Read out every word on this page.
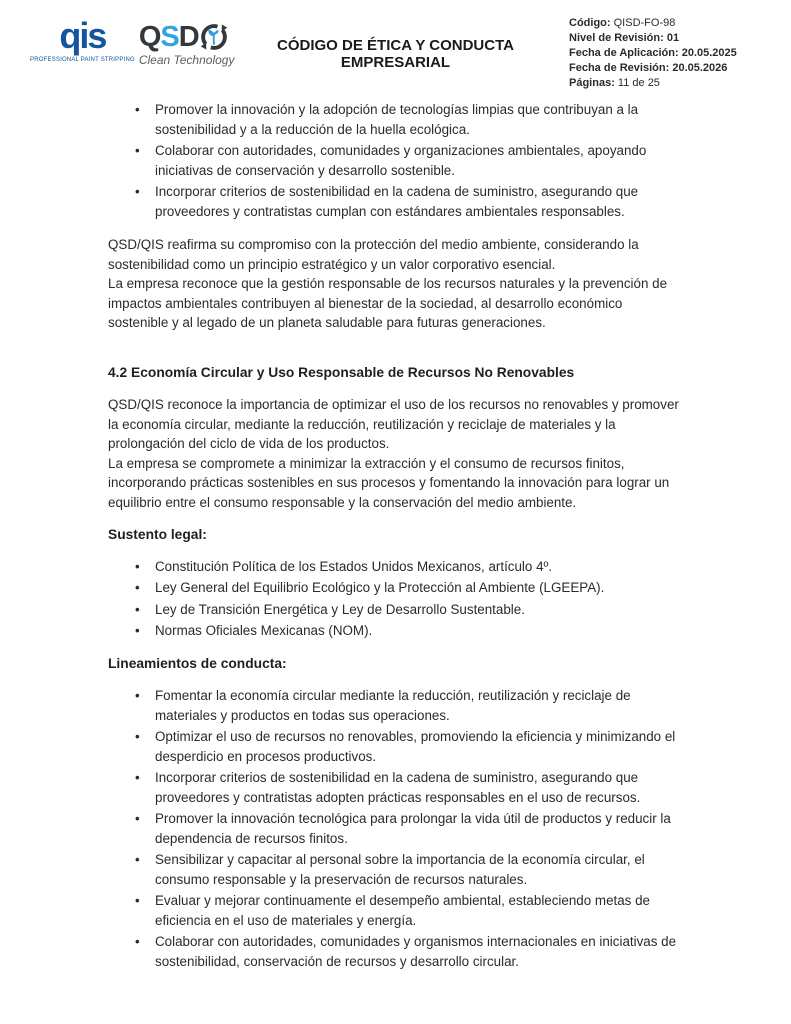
qis
PROFESSIONAL PAINT STRIPPING
QSD
Clean Technology
CÓDIGO DE ÉTICA Y CONDUCTA EMPRESARIAL
Código : QISD-FO-98
Nivel de Revisión : 01
Fecha de Aplicación : 20.05.2025
Fecha de Revisión : 20.05.2026
Páginas : 11 de 25
•
Promover la innovación y la adopción de tecnologías limpias que contribuyan a la sostenibilidad y a la reducción de la huella ecológica.
•
Colaborar con autoridades, comunidades y organizaciones ambientales, apoyando iniciativas de conservación y desarrollo sostenible.
•
Incorporar criterios de sostenibilidad en la cadena de suministro, asegurando que proveedores y contratistas cumplan con estándares ambientales responsables.

QSD/QIS reafirma su compromiso con la protección del medio ambiente, considerando la sostenibilidad como un principio estratégico y un valor corporativo esencial.

La empresa reconoce que la gestión responsable de los recursos naturales y la prevención de impactos ambientales contribuyen al bienestar de la sociedad, al desarrollo económico sostenible y al legado de un planeta saludable para futuras generaciones.

4.2 Economía Circular y Uso Responsable de Recursos No Renovables

QSD/QIS reconoce la importancia de optimizar el uso de los recursos no renovables y promover la economía circular, mediante la reducción, reutilización y reciclaje de materiales y la prolongación del ciclo de vida de los productos.

La empresa se compromete a minimizar la extracción y el consumo de recursos finitos, incorporando prácticas sostenibles en sus procesos y fomentando la innovación para lograr un equilibrio entre el consumo responsable y la conservación del medio ambiente.

Sustento legal:
•
Constitución Política de los Estados Unidos Mexicanos, artículo 4º.
•
Ley General del Equilibrio Ecológico y la Protección al Ambiente (LGEEPA).
•
Ley de Transición Energética y Ley de Desarrollo Sustentable.
•
Normas Oficiales Mexicanas (NOM).
Lineamientos de conducta:
•
Fomentar la economía circular mediante la reducción, reutilización y reciclaje de materiales y productos en todas sus operaciones.
•
Optimizar el uso de recursos no renovables, promoviendo la eficiencia y minimizando el desperdicio en procesos productivos.
•
Incorporar criterios de sostenibilidad en la cadena de suministro, asegurando que proveedores y contratistas adopten prácticas responsables en el uso de recursos.
•
Promover la innovación tecnológica para prolongar la vida útil de productos y reducir la dependencia de recursos finitos.
•
Sensibilizar y capacitar al personal sobre la importancia de la economía circular, el consumo responsable y la preservación de recursos naturales.
•
Evaluar y mejorar continuamente el desempeño ambiental, estableciendo metas de eficiencia en el uso de materiales y energía.
•
Colaborar con autoridades, comunidades y organismos internacionales en iniciativas de sostenibilidad, conservación de recursos y desarrollo circular.
